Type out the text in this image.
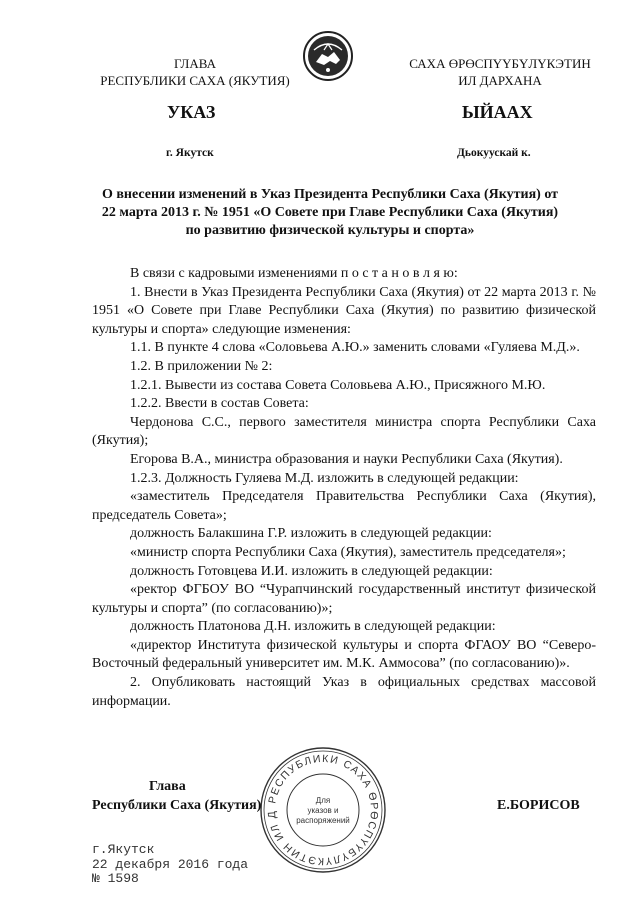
ГЛАВА
РЕСПУБЛИКИ САХА (ЯКУТИЯ)
САХА ӨРӨСПҮҮБҮЛҮКЭТИН
ИЛ ДАРХАНА
УКАЗ	ЫЙААХ
г. Якутск	Дьокуускай к.
О внесении изменений в Указ Президента Республики Саха (Якутия) от
22 марта 2013 г. № 1951 «О Совете при Главе Республики Саха (Якутия)
по развитию физической культуры и спорта»

В связи с кадровыми изменениями п о с т а н о в л я ю:

1. Внести в Указ Президента Республики Саха (Якутия) от 22 марта 2013 г. № 1951 «О Совете при Главе Республики Саха (Якутия) по развитию физической культуры и спорта» следующие изменения:

1.1. В пункте 4 слова «Соловьева А.Ю.» заменить словами «Гуляева М.Д.».

1.2. В приложении № 2:

1.2.1. Вывести из состава Совета Соловьева А.Ю., Присяжного М.Ю.

1.2.2. Ввести в состав Совета:

Чердонова С.С., первого заместителя министра спорта Республики Саха (Якутия);

Егорова В.А., министра образования и науки Республики Саха (Якутия).

1.2.3. Должность Гуляева М.Д. изложить в следующей редакции:

«заместитель Председателя Правительства Республики Саха (Якутия), председатель Совета»;

должность Балакшина Г.Р. изложить в следующей редакции:

«министр спорта Республики Саха (Якутия), заместитель председателя»;

должность Готовцева И.И. изложить в следующей редакции:

«ректор ФГБОУ ВО “Чурапчинский государственный институт физической культуры и спорта” (по согласованию)»;

должность Платонова Д.Н. изложить в следующей редакции:

«директор Института физической культуры и спорта ФГАОУ ВО “Северо-Восточный федеральный университет им. М.К. Аммосова” (по согласованию)».

2. Опубликовать настоящий Указ в официальных средствах массовой информации.

Глава
Республики Саха (Якутия) РЕСПУБЛИКИ САХА ӨРӨСПҮҮБҮЛҮКЭТИН ИЛ Д
Для
указов и
распоряжений
Е.БОРИСОВ
г.Якутск
22 декабря 2016 года
№ 1598
